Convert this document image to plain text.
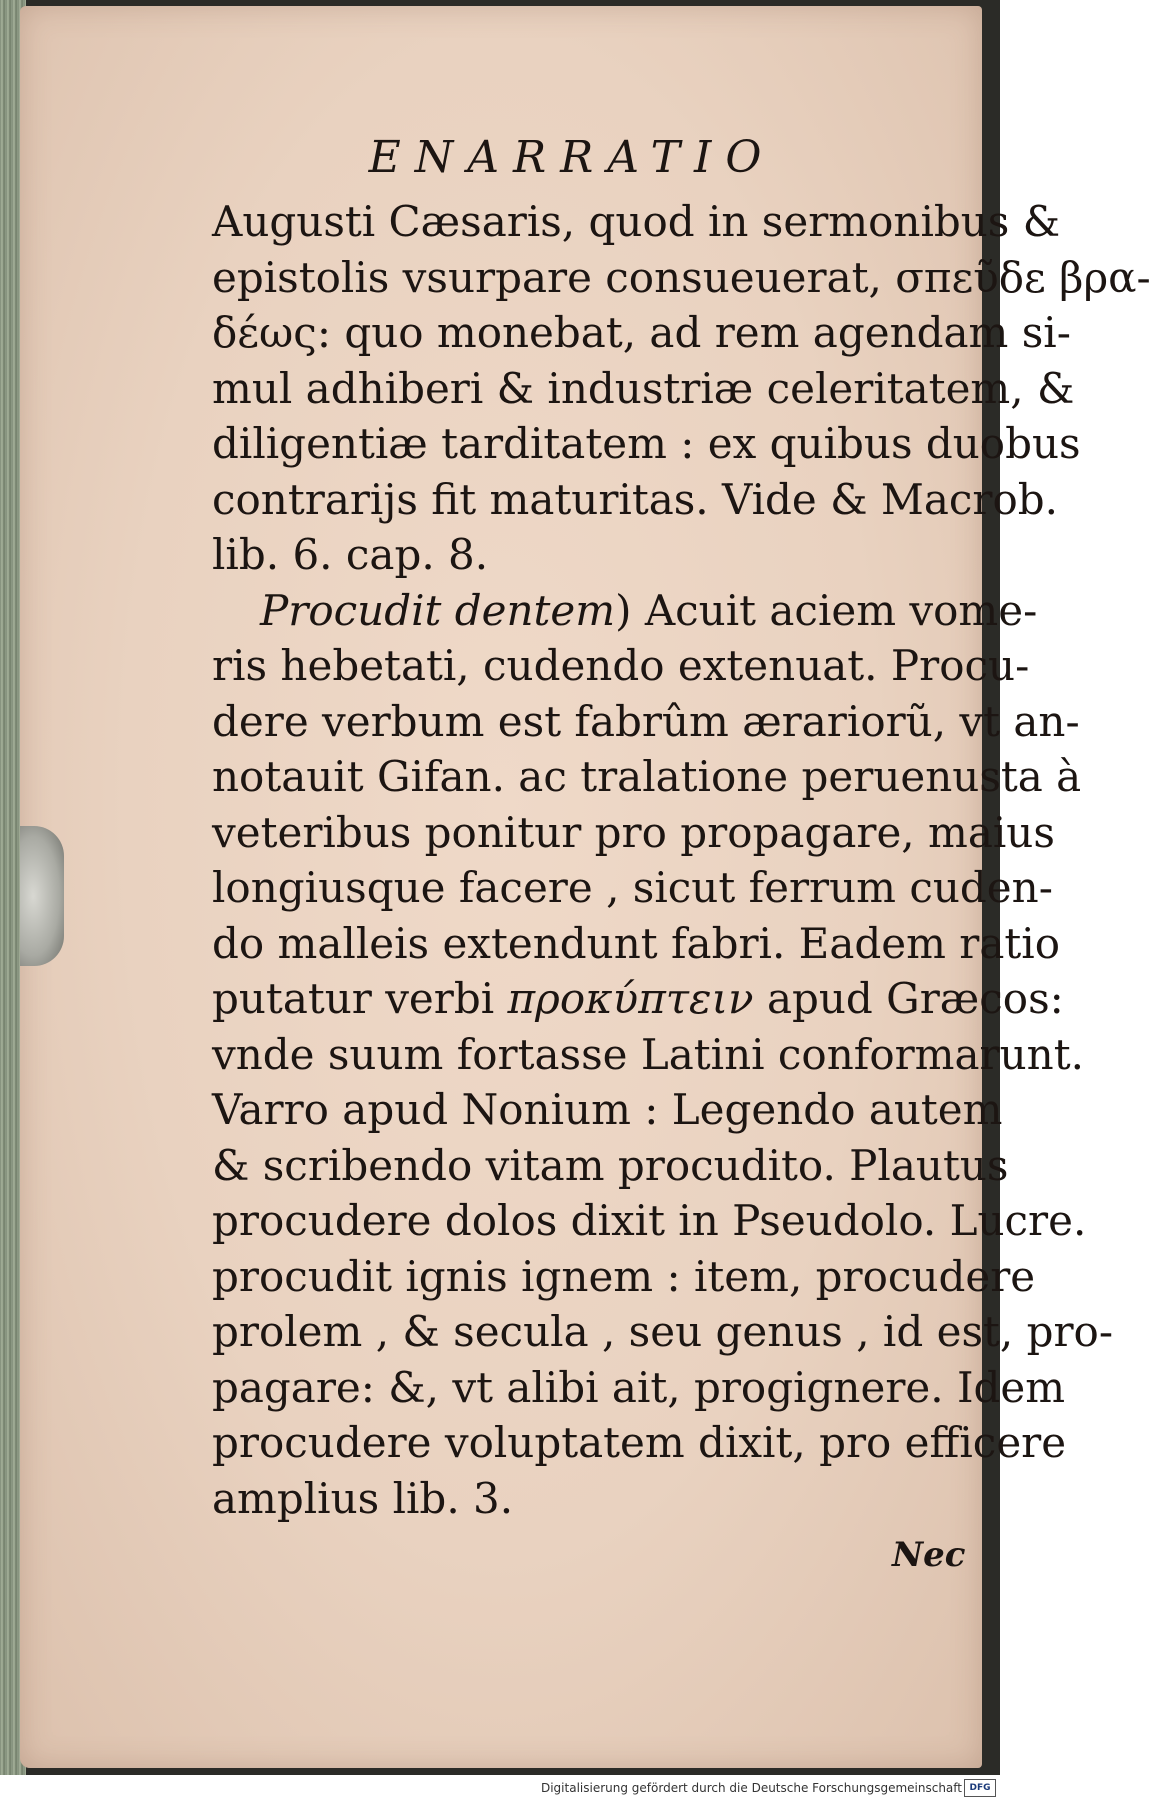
ENARRATIO
Augusti Cæsaris, quod in sermonibus &
epistolis vsurpare consueuerat, σπεῦδε βρα-
δέως: quo monebat, ad rem agendam si-
mul adhiberi & industriæ celeritatem, &
diligentiæ tarditatem : ex quibus duobus
contrarijs fit maturitas. Vide & Macrob.
lib. 6. cap. 8.
Procudit dentem) Acuit aciem vome-
ris hebetati, cudendo extenuat. Procu-
dere verbum est fabrûm ærariorũ, vt an-
notauit Gifan. ac tralatione peruenusta à
veteribus ponitur pro propagare, maius
longiusque facere , sicut ferrum cuden-
do malleis extendunt fabri. Eadem ratio
putatur verbi προκύπτειν apud Græcos:
vnde suum fortasse Latini conformarunt.
Varro apud Nonium : Legendo autem
& scribendo vitam procudito. Plautus
procudere dolos dixit in Pseudolo. Lucre.
procudit ignis ignem : item, procudere
prolem , & secula , seu genus , id est, pro-
pagare: &, vt alibi ait, progignere. Idem
procudere voluptatem dixit, pro efficere
amplius lib. 3.
Nec
Digitalisierung gefördert durch die Deutsche Forschungsgemeinschaft DFG
